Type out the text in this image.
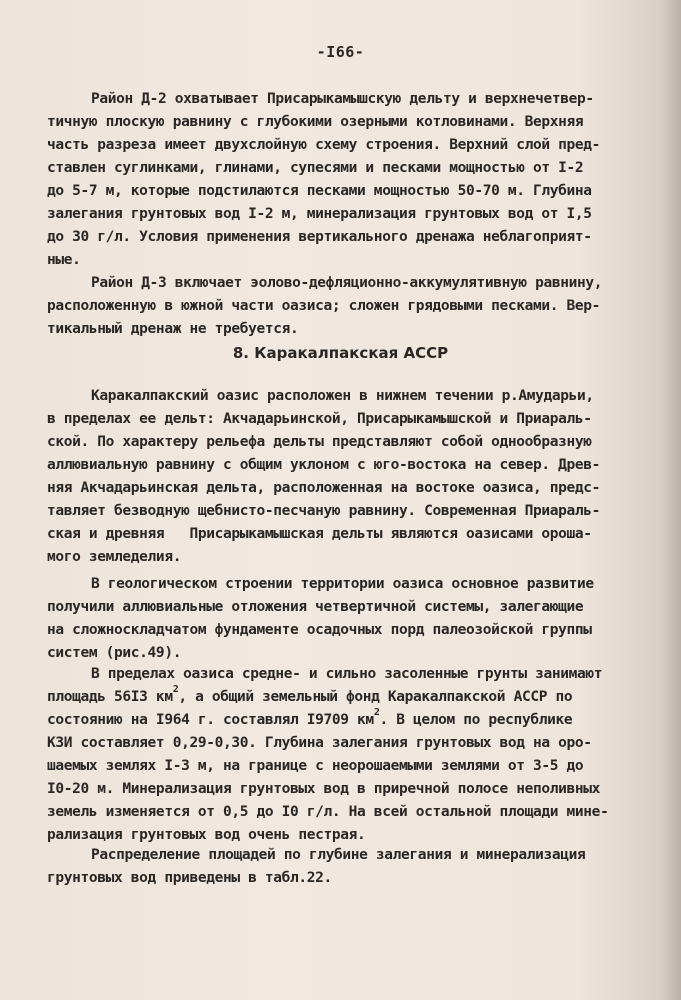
-I66-
Район Д-2 охватывает Присарыкамышскую дельту и верхнечетвер-
тичную плоскую равнину с глубокими озерными котловинами. Верхняя
часть разреза имеет двухслойную схему строения. Верхний слой пред-
ставлен суглинками, глинами, супесями и песками мощностью от I-2
до 5-7 м, которые подстилаются песками мощностью 50-70 м. Глубина
залегания грунтовых вод I-2 м, минерализация грунтовых вод от I,5
до 30 г/л. Условия применения вертикального дренажа неблагоприят-
ные.
Район Д-3 включает эолово-дефляционно-аккумулятивную равнину,
расположенную в южной части оазиса; сложен грядовыми песками. Вер-
тикальный дренаж не требуется.
8. Каракалпакская АССР
Каракалпакский оазис расположен в нижнем течении р.Амударьи,
в пределах ее дельт: Акчадарьинской, Присарыкамышской и Приараль-
ской. По характеру рельефа дельты представляют собой однообразную
аллювиальную равнину с общим уклоном с юго-востока на север. Древ-
няя Акчадарьинская дельта, расположенная на востоке оазиса, предс-
тавляет безводную щебнисто-песчаную равнину. Современная Приараль-
ская и древняя   Присарыкамышская дельты являются оазисами ороша-
мого земледелия.
В геологическом строении территории оазиса основное развитие
получили аллювиальные отложения четвертичной системы, залегающие
на сложноскладчатом фундаменте осадочных порд палеозойской группы
систем (рис.49).
В пределах оазиса средне- и сильно засоленные грунты занимают
площадь 56I3 $км^2$, а общий земельный фонд Каракалпакской АССР по
состоянию на I964 г. составлял I9709 $км^2$. В целом по республике
КЗИ составляет 0,29-0,30. Глубина залегания грунтовых вод на оро-
шаемых землях I-3 м, на границе с неорошаемыми землями от 3-5 до
I0-20 м. Минерализация грунтовых вод в приречной полосе неполивных
земель изменяется от 0,5 до I0 г/л. На всей остальной площади мине-
рализация грунтовых вод очень пестрая.
Распределение площадей по глубине залегания и минерализация
грунтовых вод приведены в табл.22.
